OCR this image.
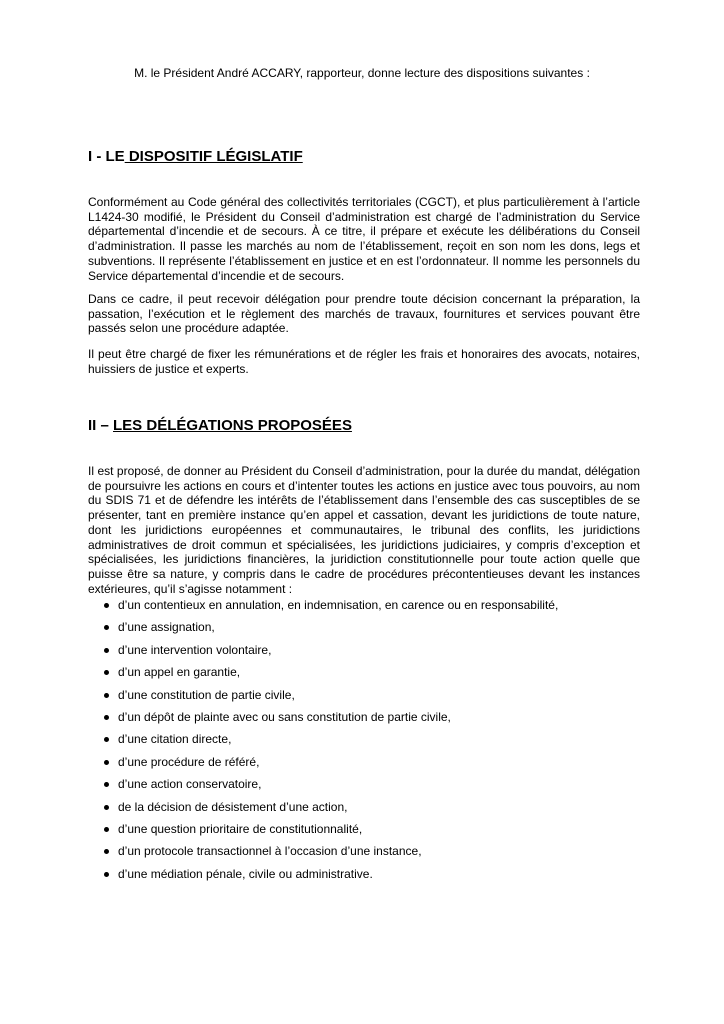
M. le Président André ACCARY, rapporteur, donne lecture des dispositions suivantes :
I - LE DISPOSITIF LÉGISLATIF

Conformément au Code général des collectivités territoriales (CGCT), et plus particulièrement à l’article L1424-30 modifié, le Président du Conseil d’administration est chargé de l’administration du Service départemental d’incendie et de secours. À ce titre, il prépare et exécute les délibérations du Conseil d’administration. Il passe les marchés au nom de l’établissement, reçoit en son nom les dons, legs et subventions. Il représente l’établissement en justice et en est l’ordonnateur. Il nomme les personnels du Service départemental d’incendie et de secours.

Dans ce cadre, il peut recevoir délégation pour prendre toute décision concernant la préparation, la passation, l’exécution et le règlement des marchés de travaux, fournitures et services pouvant être passés selon une procédure adaptée.

Il peut être chargé de fixer les rémunérations et de régler les frais et honoraires des avocats, notaires, huissiers de justice et experts.

II – LES DÉLÉGATIONS PROPOSÉES

Il est proposé, de donner au Président du Conseil d’administration, pour la durée du mandat, délégation de poursuivre les actions en cours et d’intenter toutes les actions en justice avec tous pouvoirs, au nom du SDIS 71 et de défendre les intérêts de l’établissement dans l’ensemble des cas susceptibles de se présenter, tant en première instance qu’en appel et cassation, devant les juridictions de toute nature, dont les juridictions européennes et communautaires, le tribunal des conflits, les juridictions administratives de droit commun et spécialisées, les juridictions judiciaires, y compris d’exception et spécialisées, les juridictions financières, la juridiction constitutionnelle pour toute action quelle que puisse être sa nature, y compris dans le cadre de procédures précontentieuses devant les instances extérieures, qu’il s’agisse notamment :

d’un contentieux en annulation, en indemnisation, en carence ou en responsabilité,
d’une assignation,
d’une intervention volontaire,
d’un appel en garantie,
d’une constitution de partie civile,
d’un dépôt de plainte avec ou sans constitution de partie civile,
d’une citation directe,
d’une procédure de référé,
d’une action conservatoire,
de la décision de désistement d’une action,
d’une question prioritaire de constitutionnalité,
d’un protocole transactionnel à l’occasion d’une instance,
d’une médiation pénale, civile ou administrative.
